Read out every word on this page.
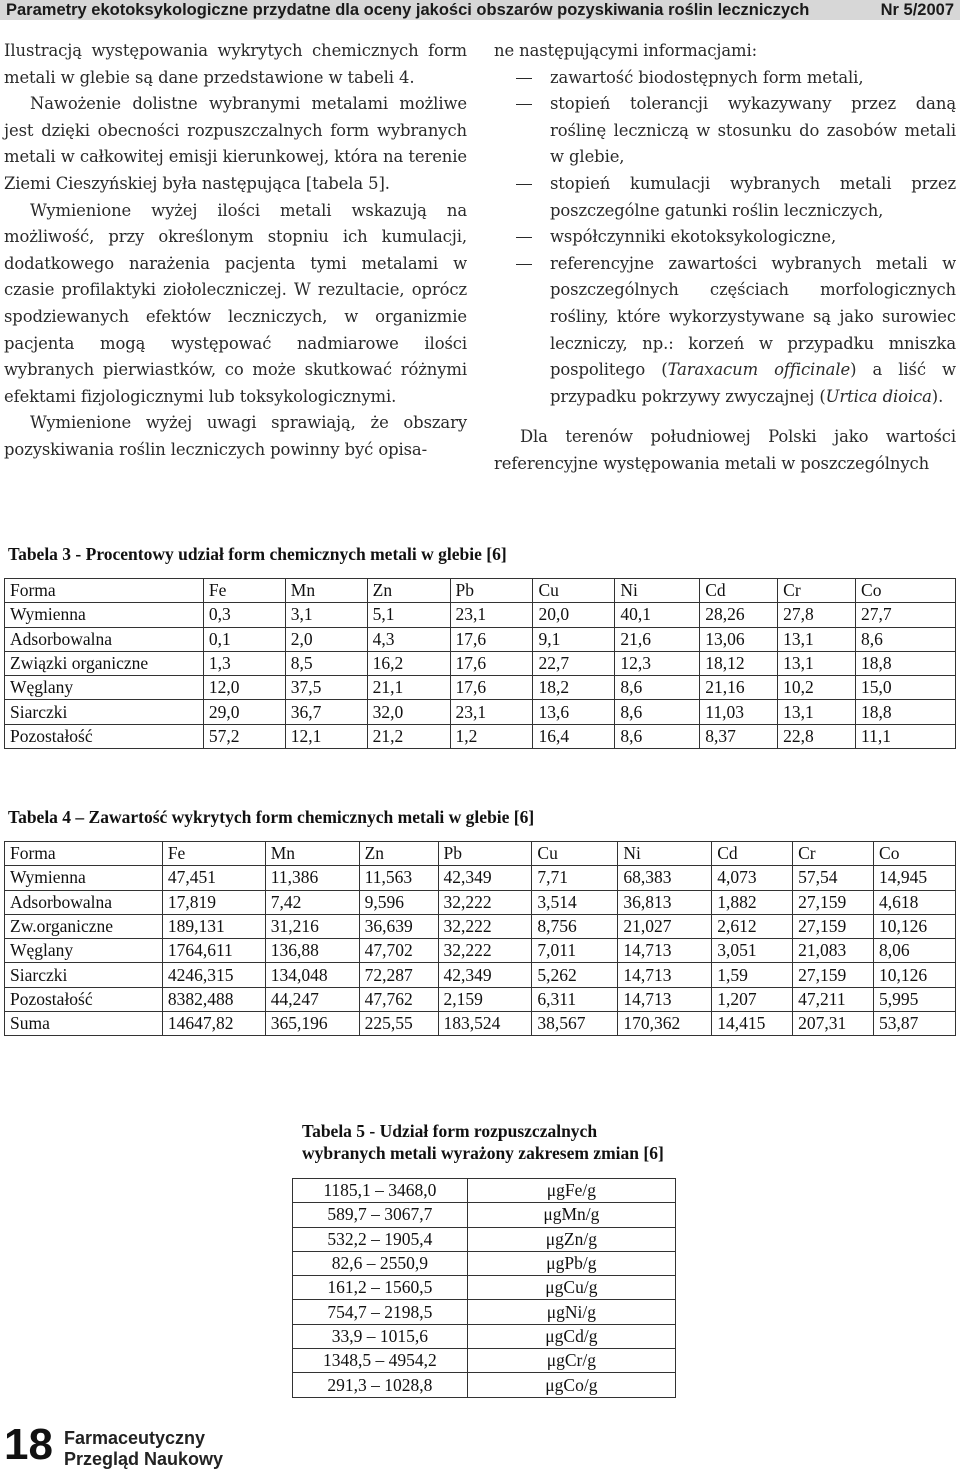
Parametry ekotoksykologiczne przydatne dla oceny jakości obszarów pozyskiwania roślin leczniczych	Nr 5/2007

Ilustracją występowania wykrytych chemicznych form metali w glebie są dane przedstawione w tabeli 4.

Nawożenie dolistne wybranymi metalami możliwe jest dzięki obecności rozpuszczalnych form wybranych metali w całkowitej emisji kierunkowej, która na terenie Ziemi Cieszyńskiej była następująca [tabela 5].

Wymienione wyżej ilości metali wskazują na możliwość, przy określonym stopniu ich kumulacji, dodatkowego narażenia pacjenta tymi metalami w czasie profilaktyki ziołoleczniczej. W rezultacie, oprócz spodziewanych efektów leczniczych, w organizmie pacjenta mogą występować nadmiarowe ilości wybranych pierwiastków, co może skutkować różnymi efektami fizjologicznymi lub toksykologicznymi.

Wymienione wyżej uwagi sprawiają, że obszary pozyskiwania roślin leczniczych powinny być opisa-

ne następującymi informacjami:

zawartość biodostępnych form metali,
stopień tolerancji wykazywany przez daną roślinę leczniczą w stosunku do zasobów metali w glebie,
stopień kumulacji wybranych metali przez poszczególne gatunki roślin leczniczych,
współczynniki ekotoksykologiczne,
referencyjne zawartości wybranych metali w poszczególnych częściach morfologicznych rośliny, które wykorzystywane są jako surowiec leczniczy, np.: korzeń w przypadku mniszka pospolitego (Taraxacum officinale) a liść w przypadku pokrzywy zwyczajnej (Urtica dioica).

Dla terenów południowej Polski jako wartości referencyjne występowania metali w poszczególnych

Tabela 3 - Procentowy udział form chemicznych metali w glebie [6]
Forma	Fe	Mn	Zn	Pb	Cu	Ni	Cd	Cr	Co
Wymienna	0,3	3,1	5,1	23,1	20,0	40,1	28,26	27,8	27,7
Adsorbowalna	0,1	2,0	4,3	17,6	9,1	21,6	13,06	13,1	8,6
Związki organiczne	1,3	8,5	16,2	17,6	22,7	12,3	18,12	13,1	18,8
Węglany	12,0	37,5	21,1	17,6	18,2	8,6	21,16	10,2	15,0
Siarczki	29,0	36,7	32,0	23,1	13,6	8,6	11,03	13,1	18,8
Pozostałość	57,2	12,1	21,2	1,2	16,4	8,6	8,37	22,8	11,1
Tabela 4 – Zawartość wykrytych form chemicznych metali w glebie [6]
Forma	Fe	Mn	Zn	Pb	Cu	Ni	Cd	Cr	Co
Wymienna	47,451	11,386	11,563	42,349	7,71	68,383	4,073	57,54	14,945
Adsorbowalna	17,819	7,42	9,596	32,222	3,514	36,813	1,882	27,159	4,618
Zw.organiczne	189,131	31,216	36,639	32,222	8,756	21,027	2,612	27,159	10,126
Węglany	1764,611	136,88	47,702	32,222	7,011	14,713	3,051	21,083	8,06
Siarczki	4246,315	134,048	72,287	42,349	5,262	14,713	1,59	27,159	10,126
Pozostałość	8382,488	44,247	47,762	2,159	6,311	14,713	1,207	47,211	5,995
Suma	14647,82	365,196	225,55	183,524	38,567	170,362	14,415	207,31	53,87
Tabela 5 - Udział form rozpuszczalnych
wybranych metali wyrażony zakresem zmian [6]
1185,1 – 3468,0	μgFe/g
589,7 – 3067,7	μgMn/g
532,2 – 1905,4	μgZn/g
82,6 – 2550,9	μgPb/g
161,2 – 1560,5	μgCu/g
754,7 – 2198,5	μgNi/g
33,9 – 1015,6	μgCd/g
1348,5 – 4954,2	μgCr/g
291,3 – 1028,8	μgCo/g
18 Farmaceutyczny
Przegląd Naukowy
